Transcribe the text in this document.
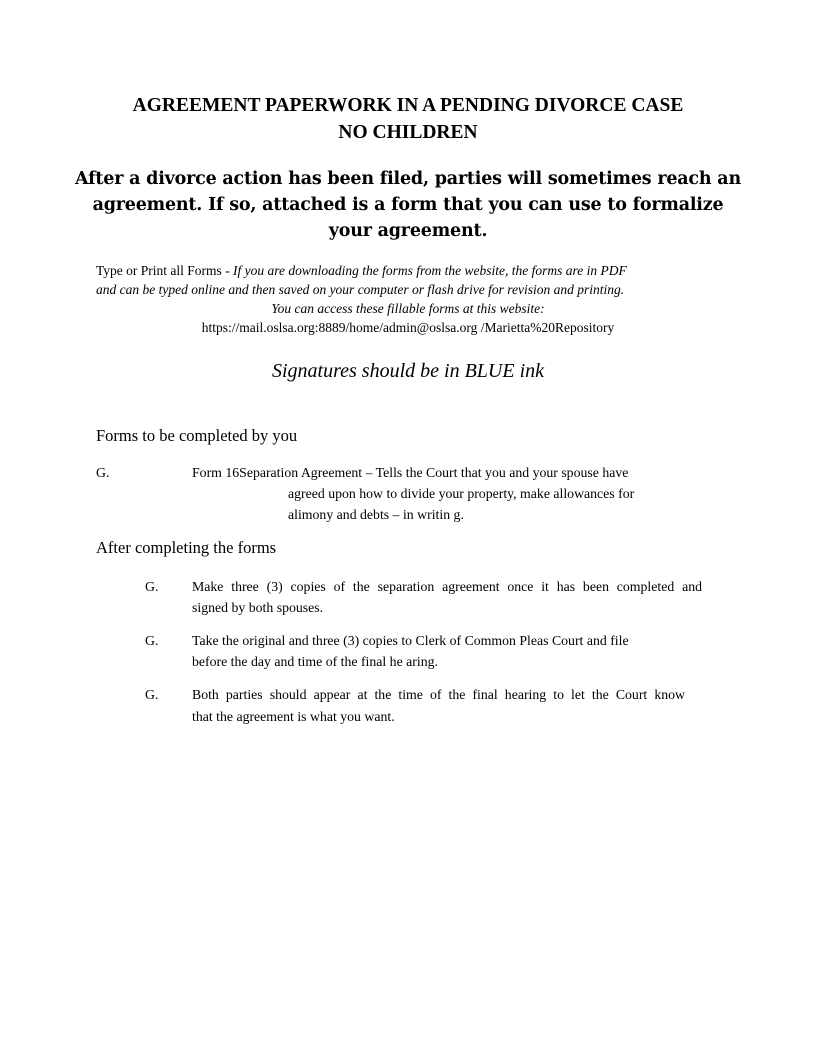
AGREEMENT PAPERWORK IN A PENDING DIVORCE CASE
NO CHILDREN
After a divorce action has been filed, parties will sometimes reach an
agreement. If so, attached is a form that you can use to formalize
your agreement.
Type or Print all Forms - If you are downloading the forms from the website, the forms are in PDF
and can be typed online and then saved on your computer or flash drive for revision and printing.
You can access these fillable forms at this website:
https://mail.oslsa.org:8889/home/admin@oslsa.org /Marietta%20Repository
Signatures should be in BLUE ink
Forms to be completed by you
G.	Form 16Separation Agreement – Tells the Court that you and your spouse have
agreed upon how to divide your property, make allowances for
alimony and debts – in writin g.
After completing the forms
G. Make three (3) copies of the separation agreement once it has been completed and
signed by both spouses.
G. Take the original and three (3) copies to Clerk of Common Pleas Court and file
before the day and time of the final he aring.
G. Both parties should appear at the time of the final hearing to let the Court know
that the agreement is what you want.
